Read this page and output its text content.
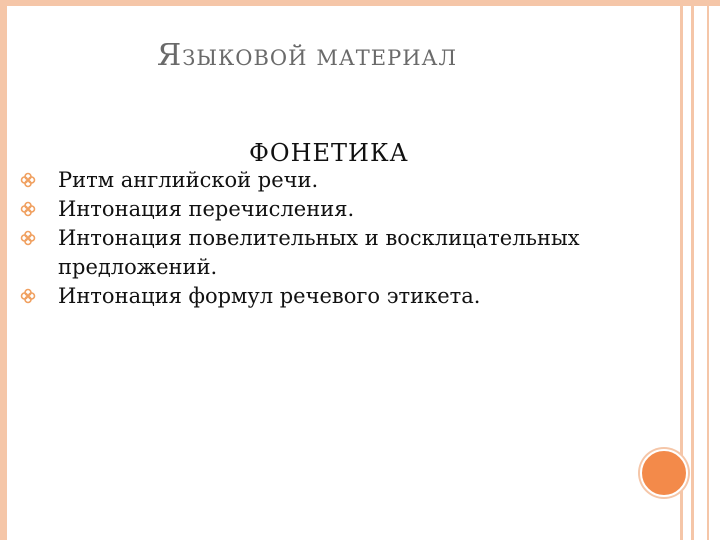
ЯЗЫКОВОЙ МАТЕРИАЛ
ФОНЕТИКА
Ритм английской речи.
Интонация перечисления.
Интонация повелительных и восклицательных предложений.
Интонация формул речевого этикета.
